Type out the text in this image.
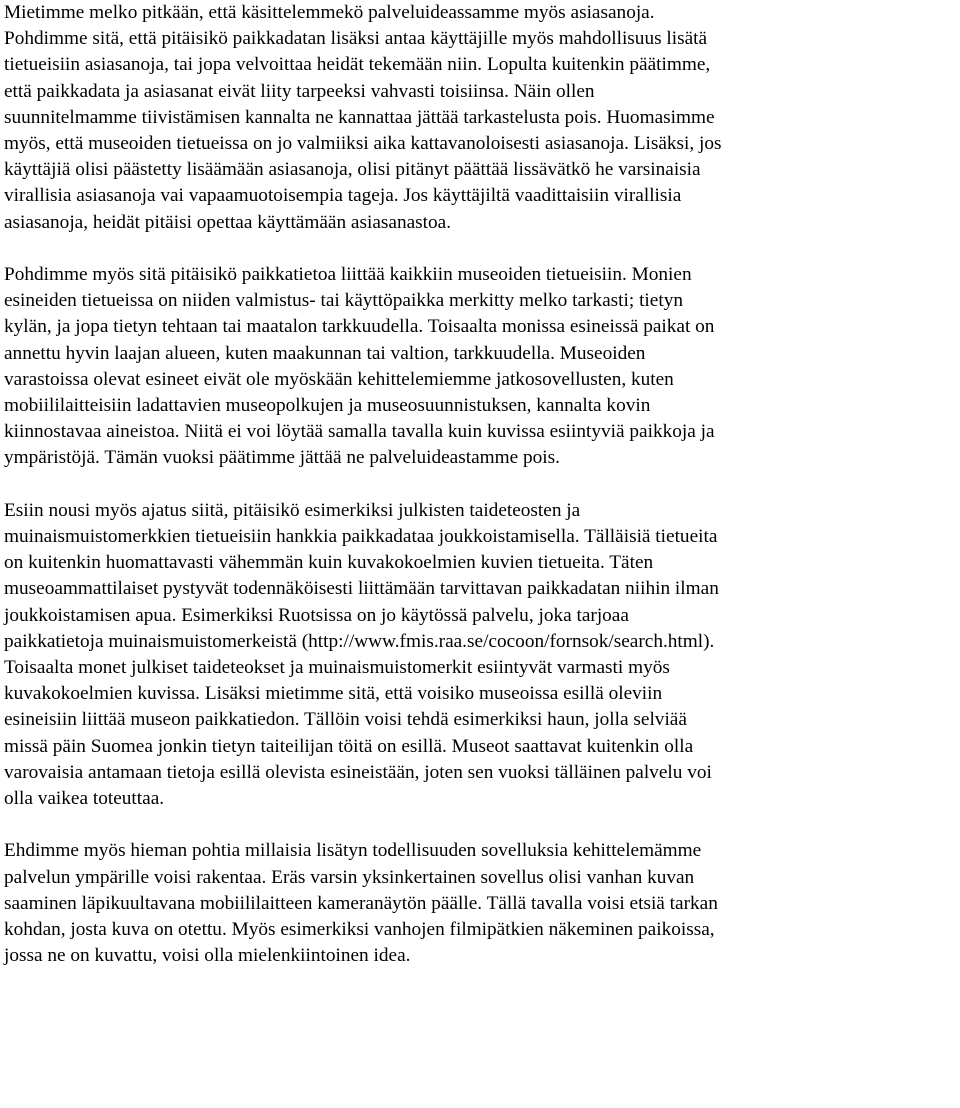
Mietimme melko pitkään, että käsittelemmekö palveluideassamme myös asiasanoja.
Pohdimme sitä, että pitäisikö paikkadatan lisäksi antaa käyttäjille myös mahdollisuus lisätä
tietueisiin asiasanoja, tai jopa velvoittaa heidät tekemään niin. Lopulta kuitenkin päätimme,
että paikkadata ja asiasanat eivät liity tarpeeksi vahvasti toisiinsa. Näin ollen
suunnitelmamme tiivistämisen kannalta ne kannattaa jättää tarkastelusta pois. Huomasimme
myös, että museoiden tietueissa on jo valmiiksi aika kattavanoloisesti asiasanoja. Lisäksi, jos
käyttäjiä olisi päästetty lisäämään asiasanoja, olisi pitänyt päättää lissävätkö he varsinaisia
virallisia asiasanoja vai vapaamuotoisempia tageja. Jos käyttäjiltä vaadittaisiin virallisia
asiasanoja, heidät pitäisi opettaa käyttämään asiasanastoa.

Pohdimme myös sitä pitäisikö paikkatietoa liittää kaikkiin museoiden tietueisiin. Monien
esineiden tietueissa on niiden valmistus- tai käyttöpaikka merkitty melko tarkasti; tietyn
kylän, ja jopa tietyn tehtaan tai maatalon tarkkuudella. Toisaalta monissa esineissä paikat on
annettu hyvin laajan alueen, kuten maakunnan tai valtion, tarkkuudella. Museoiden
varastoissa olevat esineet eivät ole myöskään kehittelemiemme jatkosovellusten, kuten
mobiililaitteisiin ladattavien museopolkujen ja museosuunnistuksen, kannalta kovin
kiinnostavaa aineistoa. Niitä ei voi löytää samalla tavalla kuin kuvissa esiintyviä paikkoja ja
ympäristöjä. Tämän vuoksi päätimme jättää ne palveluideastamme pois.

Esiin nousi myös ajatus siitä, pitäisikö esimerkiksi julkisten taideteosten ja
muinaismuistomerkkien tietueisiin hankkia paikkadataa joukkoistamisella. Tälläisiä tietueita
on kuitenkin huomattavasti vähemmän kuin kuvakokoelmien kuvien tietueita. Täten
museoammattilaiset pystyvät todennäköisesti liittämään tarvittavan paikkadatan niihin ilman
joukkoistamisen apua. Esimerkiksi Ruotsissa on jo käytössä palvelu, joka tarjoaa
paikkatietoja muinaismuistomerkeistä (http://www.fmis.raa.se/cocoon/fornsok/search.html).
Toisaalta monet julkiset taideteokset ja muinaismuistomerkit esiintyvät varmasti myös
kuvakokoelmien kuvissa. Lisäksi mietimme sitä, että voisiko museoissa esillä oleviin
esineisiin liittää museon paikkatiedon. Tällöin voisi tehdä esimerkiksi haun, jolla selviää
missä päin Suomea jonkin tietyn taiteilijan töitä on esillä. Museot saattavat kuitenkin olla
varovaisia antamaan tietoja esillä olevista esineistään, joten sen vuoksi tälläinen palvelu voi
olla vaikea toteuttaa.

Ehdimme myös hieman pohtia millaisia lisätyn todellisuuden sovelluksia kehittelemämme
palvelun ympärille voisi rakentaa. Eräs varsin yksinkertainen sovellus olisi vanhan kuvan
saaminen läpikuultavana mobiililaitteen kameranäytön päälle. Tällä tavalla voisi etsiä tarkan
kohdan, josta kuva on otettu. Myös esimerkiksi vanhojen filmipätkien näkeminen paikoissa,
jossa ne on kuvattu, voisi olla mielenkiintoinen idea.
